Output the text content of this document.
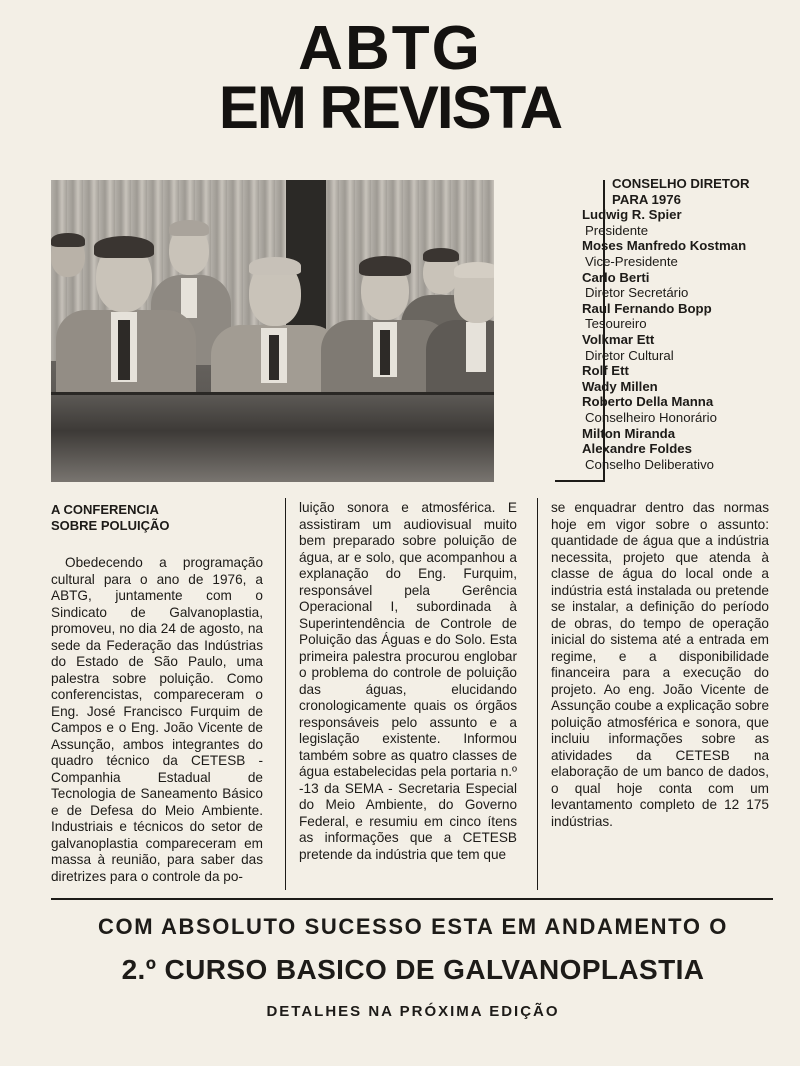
ABTG
EM REVISTA
CONSELHO DIRETOR
PARA 1976
Ludwig R. Spier
Presidente
Moses Manfredo Kostman
Vice-Presidente
Carlo Berti
Diretor Secretário
Raul Fernando Bopp
Tesoureiro
Volkmar Ett
Diretor Cultural
Rolf Ett
Wady Millen
Roberto Della Manna
Conselheiro Honorário
Milton Miranda
Alexandre Foldes
Conselho Deliberativo
A CONFERENCIA
SOBRE POLUIÇÃO

Obedecendo a programação cultural para o ano de 1976, a ABTG, juntamente com o Sindicato de Galvanoplastia, promoveu, no dia 24 de agosto, na sede da Federação das Indústrias do Estado de São Paulo, uma palestra sobre poluição. Como conferencistas, compareceram o Eng. José Francisco Furquim de Campos e o Eng. João Vicente de Assunção, ambos integrantes do quadro técnico da CETESB - Companhia Estadual de Tecnologia de Saneamento Básico e de Defesa do Meio Ambiente. Industriais e técnicos do setor de galvanoplastia compareceram em massa à reunião, para saber das diretrizes para o controle da po-

luição sonora e atmosférica. E assistiram um audiovisual muito bem preparado sobre poluição de água, ar e solo, que acompanhou a explanação do Eng. Furquim, responsável pela Gerência Operacional I, subordinada à Superintendência de Controle de Poluição das Águas e do Solo. Esta primeira palestra procurou englobar o problema do controle de poluição das águas, elucidando cronologicamente quais os órgãos responsáveis pelo assunto e a legislação existente. Informou também sobre as quatro classes de água estabelecidas pela portaria n.º -13 da SEMA - Secretaria Especial do Meio Ambiente, do Governo Federal, e resumiu em cinco ítens as informações que a CETESB pretende da indústria que tem que

se enquadrar dentro das normas hoje em vigor sobre o assunto: quantidade de água que a indústria necessita, projeto que atenda à classe de água do local onde a indústria está instalada ou pretende se instalar, a definição do período de obras, do tempo de operação inicial do sistema até a entrada em regime, e a disponibilidade financeira para a execução do projeto. Ao eng. João Vicente de Assunção coube a explicação sobre poluição atmosférica e sonora, que incluiu informações sobre as atividades da CETESB na elaboração de um banco de dados, o qual hoje conta com um levantamento completo de 12 175 indústrias.

COM ABSOLUTO SUCESSO ESTA EM ANDAMENTO O
2.º CURSO BASICO DE GALVANOPLASTIA
DETALHES NA PRÓXIMA EDIÇÃO
